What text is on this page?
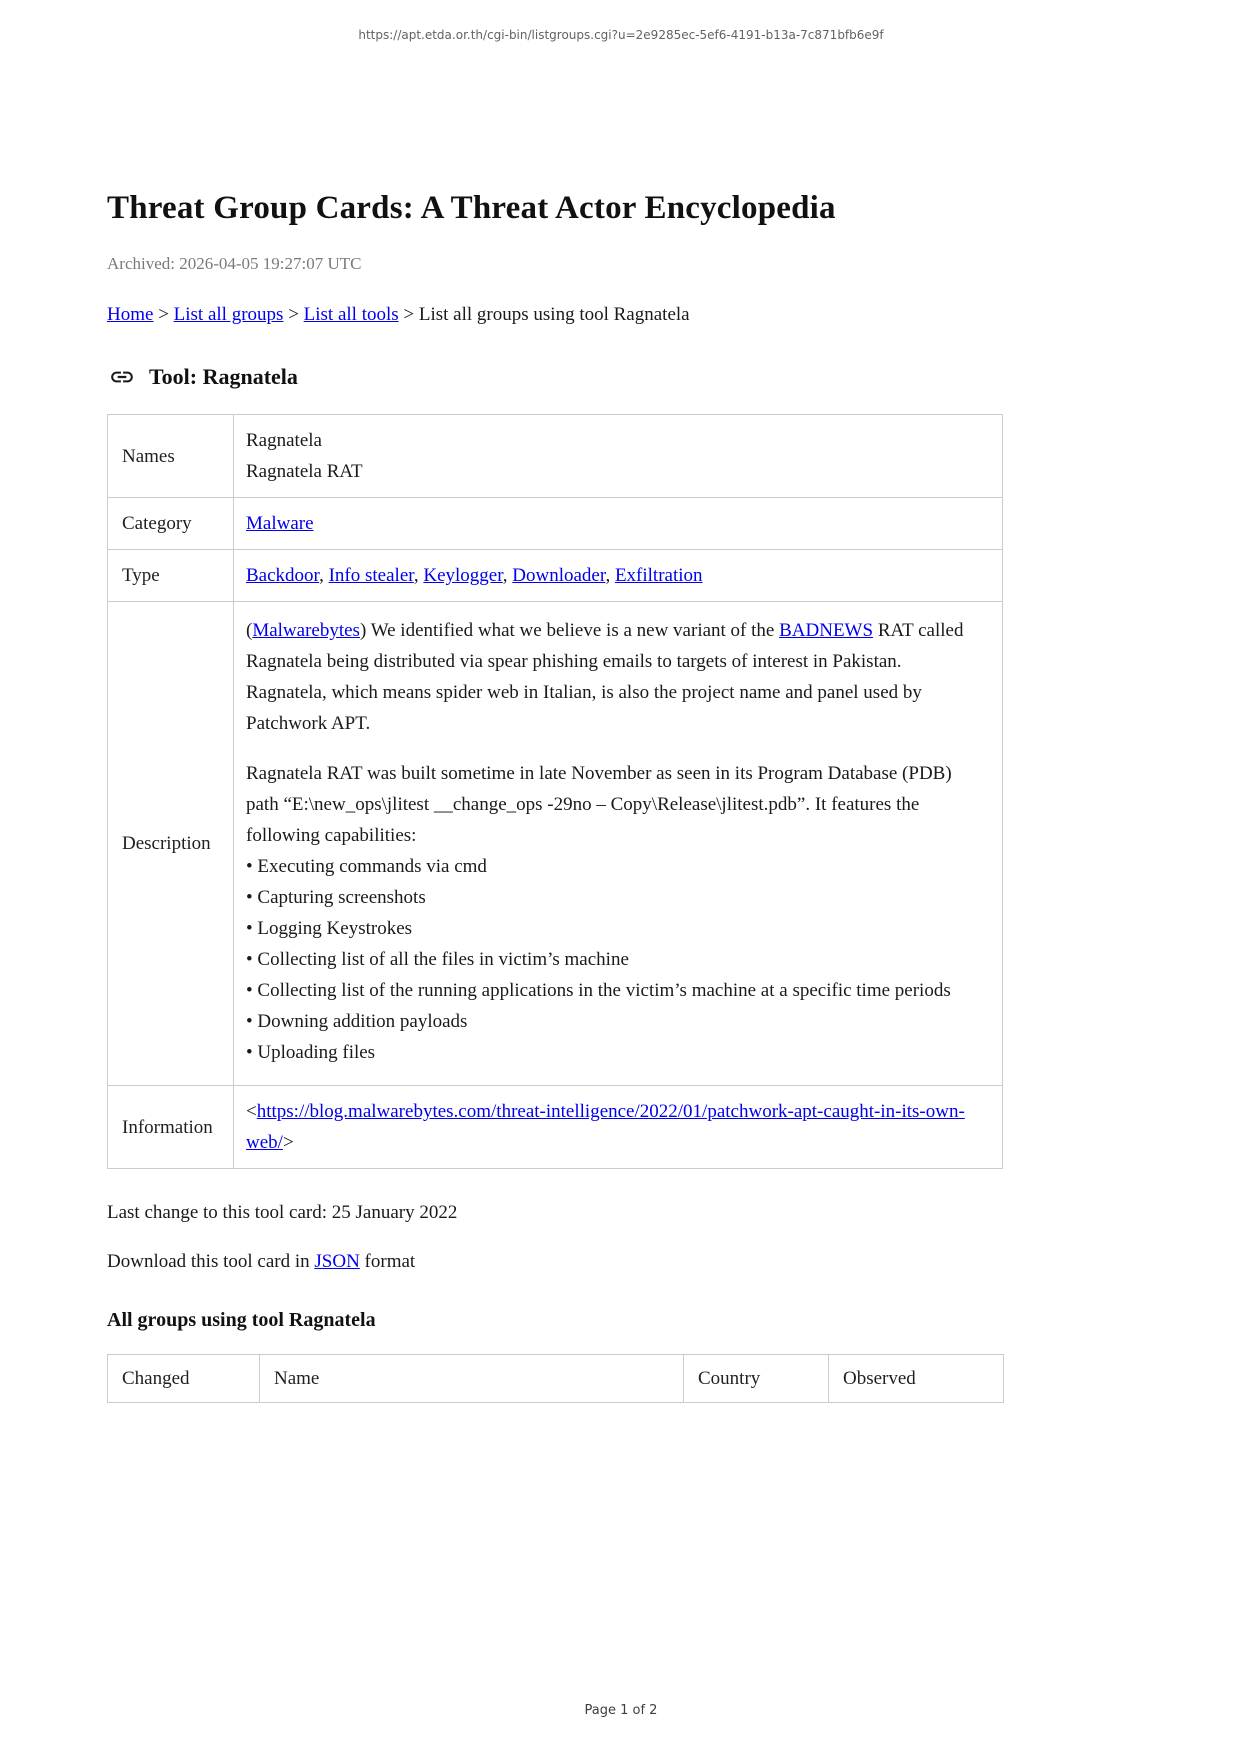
https://apt.etda.or.th/cgi-bin/listgroups.cgi?u=2e9285ec-5ef6-4191-b13a-7c871bfb6e9f
Threat Group Cards: A Threat Actor Encyclopedia
Archived: 2026-04-05 19:27:07 UTC
Home > List all groups > List all tools > List all groups using tool Ragnatela
Tool: Ragnatela
Names	Ragnatela
Ragnatela RAT

Category	Malware
Type	Backdoor, Info stealer, Keylogger, Downloader, Exfiltration
Description	
(Malwarebytes) We identified what we believe is a new variant of the BADNEWS RAT called Ragnatela being distributed via spear phishing emails to targets of interest in Pakistan. Ragnatela, which means spider web in Italian, is also the project name and panel used by Patchwork APT.
Ragnatela RAT was built sometime in late November as seen in its Program Database (PDB) path “E:\new_ops\jlitest __change_ops -29no – Copy\Release\jlitest.pdb”. It features the following capabilities:
• Executing commands via cmd
• Capturing screenshots
• Logging Keystrokes
• Collecting list of all the files in victim’s machine
• Collecting list of the running applications in the victim’s machine at a specific time periods
• Downing addition payloads
• Uploading files

Information	<https://blog.malwarebytes.com/threat-intelligence/2022/01/patchwork-apt-caught-in-its-own-web/>
Last change to this tool card: 25 January 2022
Download this tool card in JSON format
All groups using tool Ragnatela
Changed	Name	Country	Observed
Page 1 of 2
